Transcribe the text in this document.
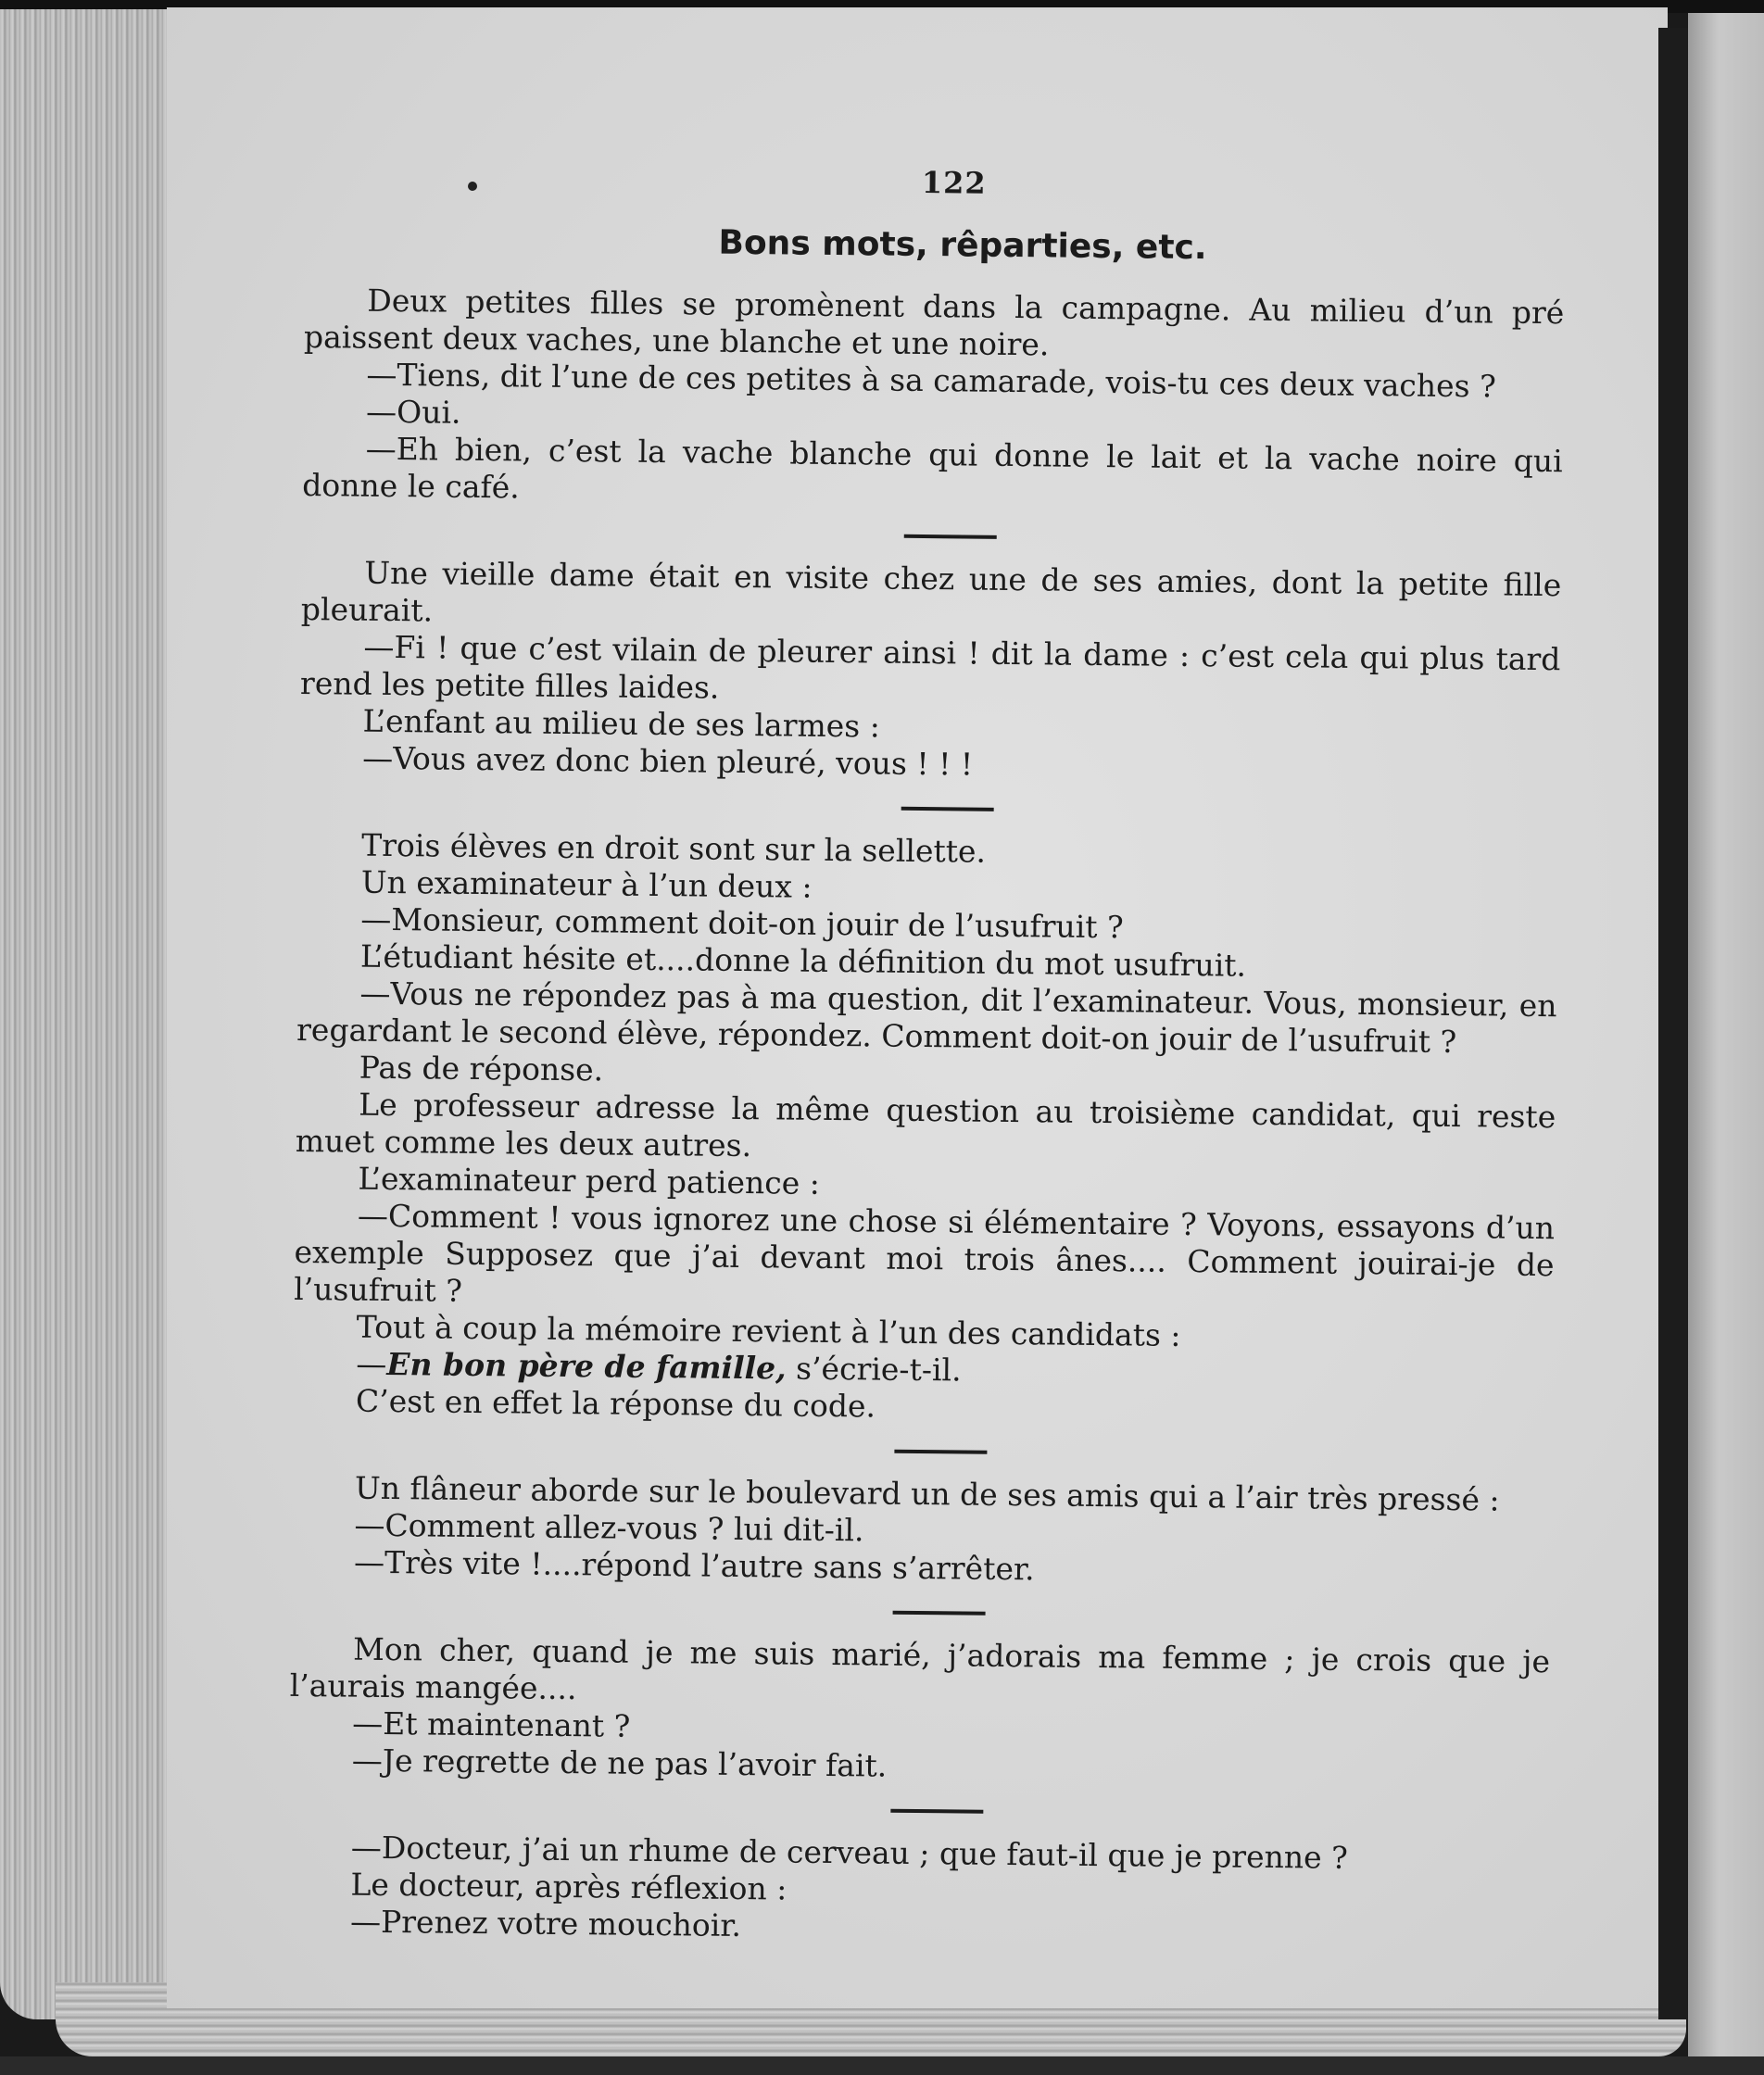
122
Bons mots, rêparties, etc.

Deux petites filles se promènent dans la campagne. Au milieu d’un pré paissent deux vaches, une blanche et une noire.

—Tiens, dit l’une de ces petites à sa camarade, vois-tu ces deux vaches ?

—Oui.

—Eh bien, c’est la vache blanche qui donne le lait et la vache noire qui donne le café.

Une vieille dame était en visite chez une de ses amies, dont la petite fille pleurait.

—Fi ! que c’est vilain de pleurer ainsi ! dit la dame : c’est cela qui plus tard rend les petite filles laides.

L’enfant au milieu de ses larmes :

—Vous avez donc bien pleuré, vous ! ! !

Trois élèves en droit sont sur la sellette.

Un examinateur à l’un deux :

—Monsieur, comment doit-on jouir de l’usufruit ?

L’étudiant hésite et....donne la définition du mot usufruit.

—Vous ne répondez pas à ma question, dit l’examinateur. Vous, monsieur, en regardant le second élève, répondez. Comment doit-on jouir de l’usufruit ?

Pas de réponse.

Le professeur adresse la même question au troisième candidat, qui reste muet comme les deux autres.

L’examinateur perd patience :

—Comment ! vous ignorez une chose si élémentaire ? Voyons, essayons d’un exemple Supposez que j’ai devant moi trois ânes.... Comment jouirai-je de l’usufruit ?

Tout à coup la mémoire revient à l’un des candidats :

—En bon père de famille, s’écrie-t-il.

C’est en effet la réponse du code.

Un flâneur aborde sur le boulevard un de ses amis qui a l’air très pressé :

—Comment allez-vous ? lui dit-il.

—Très vite !....répond l’autre sans s’arrêter.

Mon cher, quand je me suis marié, j’adorais ma femme ; je crois que je l’aurais mangée....

—Et maintenant ?

—Je regrette de ne pas l’avoir fait.

—Docteur, j’ai un rhume de cerveau ; que faut-il que je prenne ?

Le docteur, après réflexion :

—Prenez votre mouchoir.
